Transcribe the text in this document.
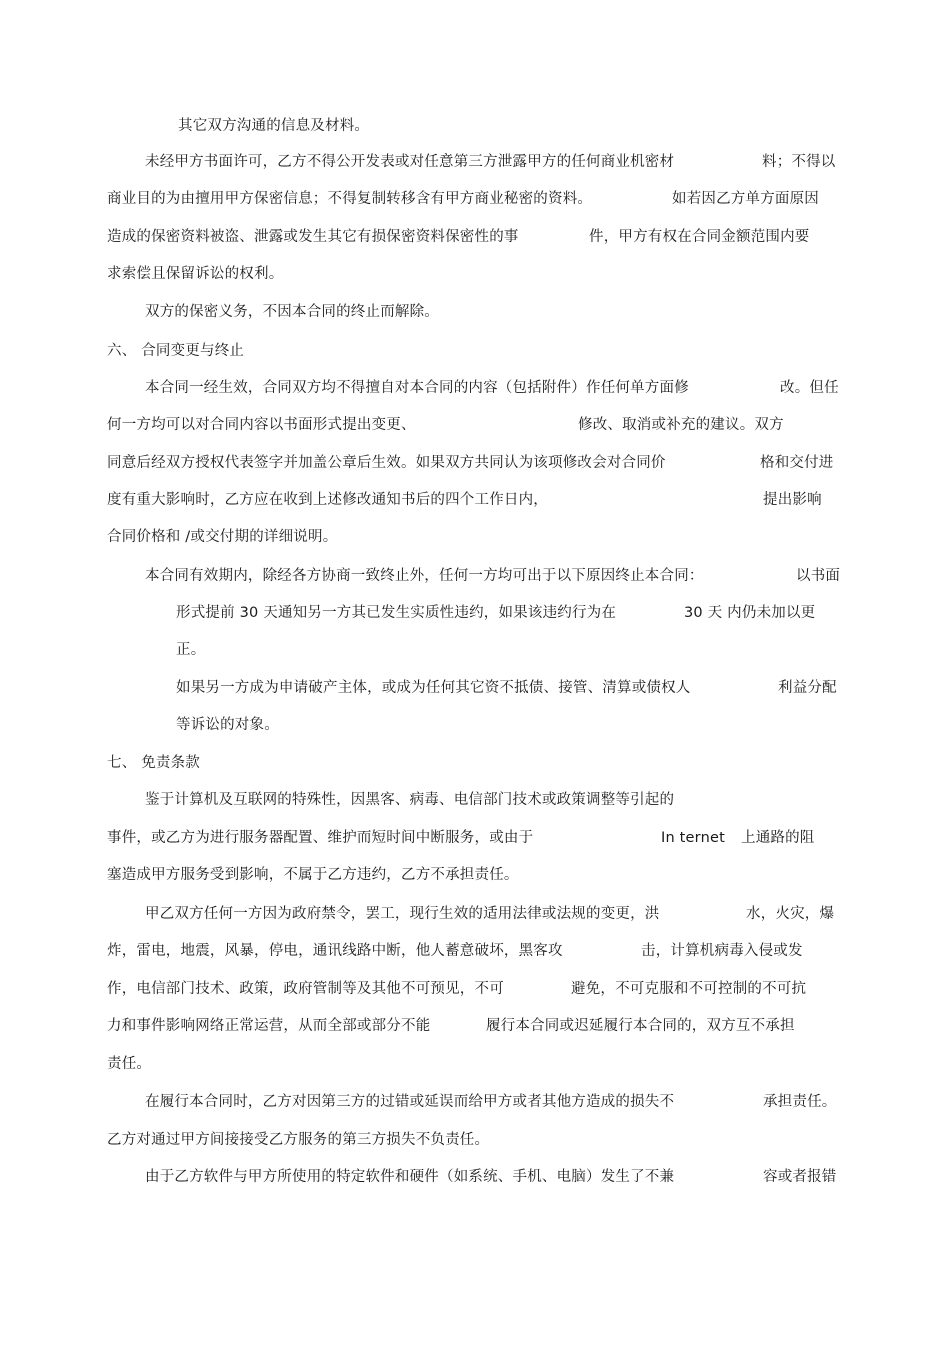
其它双方沟通的信息及材料。
未经甲方书面许可，乙方不得公开发表或对任意第三方泄露甲方的任何商业机密材	料；不得以
商业目的为由擅用甲方保密信息；不得复制转移含有甲方商业秘密的资料。	如若因乙方单方面原因
造成的保密资料被盗、泄露或发生其它有损保密资料保密性的事	件，甲方有权在合同金额范围内要
求索偿且保留诉讼的权利。
双方的保密义务，不因本合同的终止而解除。
六、 合同变更与终止
本合同一经生效，合同双方均不得擅自对本合同的内容（包括附件）作任何单方面修	改。但任
何一方均可以对合同内容以书面形式提出变更、	修改、取消或补充的建议。双方
同意后经双方授权代表签字并加盖公章后生效。如果双方共同认为该项修改会对合同价	格和交付进
度有重大影响时，乙方应在收到上述修改通知书后的四个工作日内，	提出影响
合同价格和 /或交付期的详细说明。
本合同有效期内，除经各方协商一致终止外，任何一方均可出于以下原因终止本合同：	以书面
形式提前 30 天通知另一方其已发生实质性违约，如果该违约行为在	30 天 内仍未加以更
正。
如果另一方成为申请破产主体，或成为任何其它资不抵债、接管、清算或债权人	利益分配
等诉讼的对象。
七、 免责条款
鉴于计算机及互联网的特殊性，因黑客、病毒、电信部门技术或政策调整等引起的
事件，或乙方为进行服务器配置、维护而短时间中断服务，或由于	In ternet 上通路的阻
塞造成甲方服务受到影响，不属于乙方违约，乙方不承担责任。
甲乙双方任何一方因为政府禁令，罢工，现行生效的适用法律或法规的变更，洪	水，火灾，爆
炸，雷电，地震，风暴，停电，通讯线路中断，他人蓄意破坏，黑客攻	击，计算机病毒入侵或发
作，电信部门技术、政策，政府管制等及其他不可预见，不可	避免，不可克服和不可控制的不可抗
力和事件影响网络正常运营，从而全部或部分不能	履行本合同或迟延履行本合同的，双方互不承担
责任。
在履行本合同时，乙方对因第三方的过错或延误而给甲方或者其他方造成的损失不	承担责任。
乙方对通过甲方间接接受乙方服务的第三方损失不负责任。
由于乙方软件与甲方所使用的特定软件和硬件（如系统、手机、电脑）发生了不兼	容或者报错
